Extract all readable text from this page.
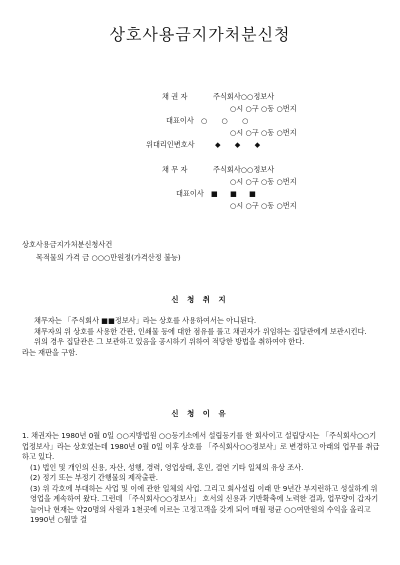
상호사용금지가처분신청
채 권 자	주식회사○○정보사
○시 ○구 ○동 ○번지
대표이사 ○ ○ ○
○시 ○구 ○동 ○번지
위대리인변호사	◆ ◆ ◆
채 무 자	주식회사○○정보사
○시 ○구 ○동 ○번지
대표이사 ■ ■ ■
○시 ○구 ○동 ○번지
상호사용금지가처분신청사건
목적물의 가격 금 ○○○만원정(가격산정 불능)
신 청 취 지
채무자는 「주식회사 ■■정보사」라는 상호를 사용하여서는 아니된다.
채무자의 위 상호를 사용한 간판, 인쇄물 등에 대한 점유를 풀고 채권자가 위임하는 집달관에게 보관시킨다.
위의 경우 집달관은 그 보관하고 있음을 공시하기 위하여 적당한 방법을 취하여야 한다.
라는 재판을 구함.
신 청 이 유
1. 채권자는 1980년 0월 0일 ○○지방법원 ○○등기소에서 설립등기를 한 회사이고 설립당시는 「주식회사○○기업정보사」라는 상호였는데 1980년 0월 0일 이후 상호를 「주식회사○○정보사」로 변경하고 아래의 업무를 취급하고 있다.
(1) 법인 및 개인의 신용, 자산, 성행, 경력, 영업상태, 혼인, 결연 기타 일체의 유상 조사.
(2) 정기 또는 부정기 간행물의 제작출판.
(3) 위 각호에 부대하는 사업 및 이에 관한 일체의 사업. 그리고 회사설립 이래 만 9년간 부지런하고 성실하게 위 영업을 계속하여 왔다. 그런데 「주식회사○○정보사」 호서의 신용과 기반확축에 노력한 결과, 업무량이 갑자기 늘어나 현재는 약20명의 사원과 1천곳에 이르는 고정고객을 갖게 되어 매월 평균 ○○여만원의 수익을 올리고 1990년 ○월말 결
